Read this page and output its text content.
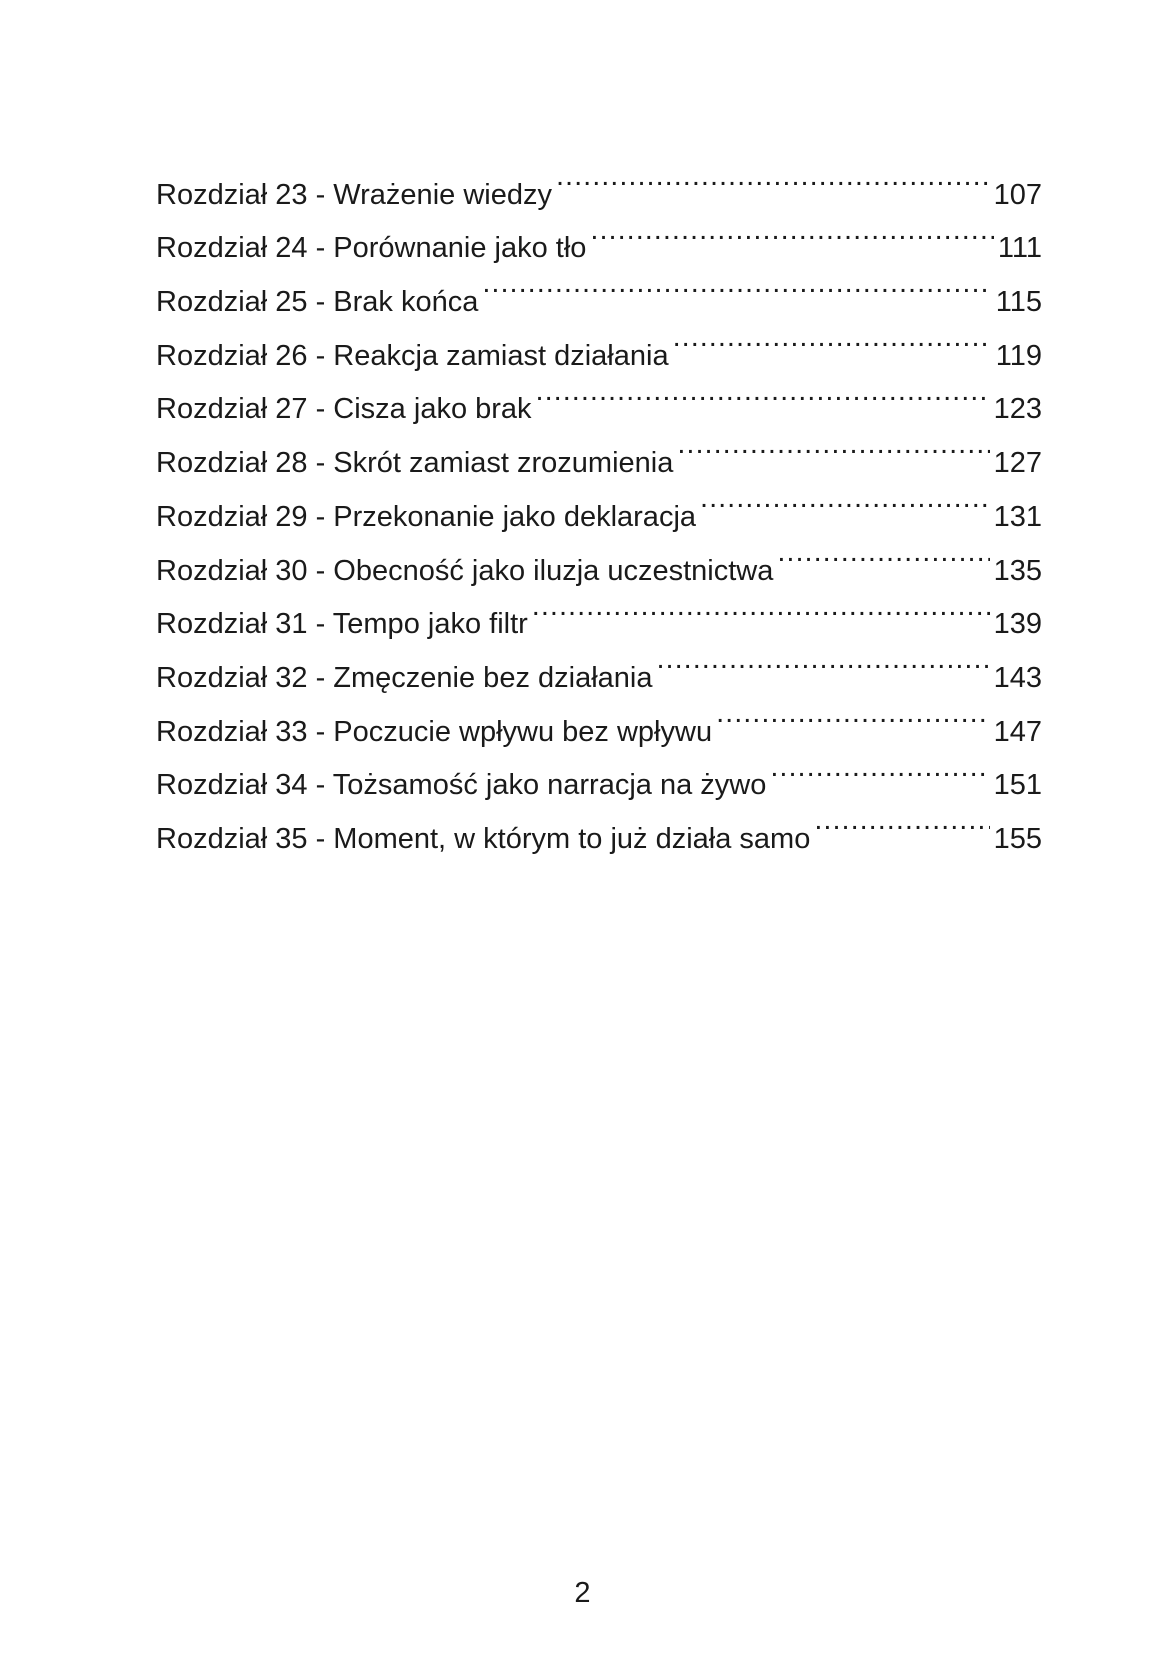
Rozdział 23 - Wrażenie wiedzy .....	107
Rozdział 24 - Porównanie jako tło .....	111
Rozdział 25 - Brak końca .....	115
Rozdział 26 - Reakcja zamiast działania .....	119
Rozdział 27 - Cisza jako brak .....	123
Rozdział 28 - Skrót zamiast zrozumienia .....	127
Rozdział 29 - Przekonanie jako deklaracja .....	131
Rozdział 30 - Obecność jako iluzja uczestnictwa .....	135
Rozdział 31 - Tempo jako filtr .....	139
Rozdział 32 - Zmęczenie bez działania .....	143
Rozdział 33 - Poczucie wpływu bez wpływu .....	147
Rozdział 34 - Tożsamość jako narracja na żywo .....	151
Rozdział 35 - Moment, w którym to już działa samo .....	155
2
